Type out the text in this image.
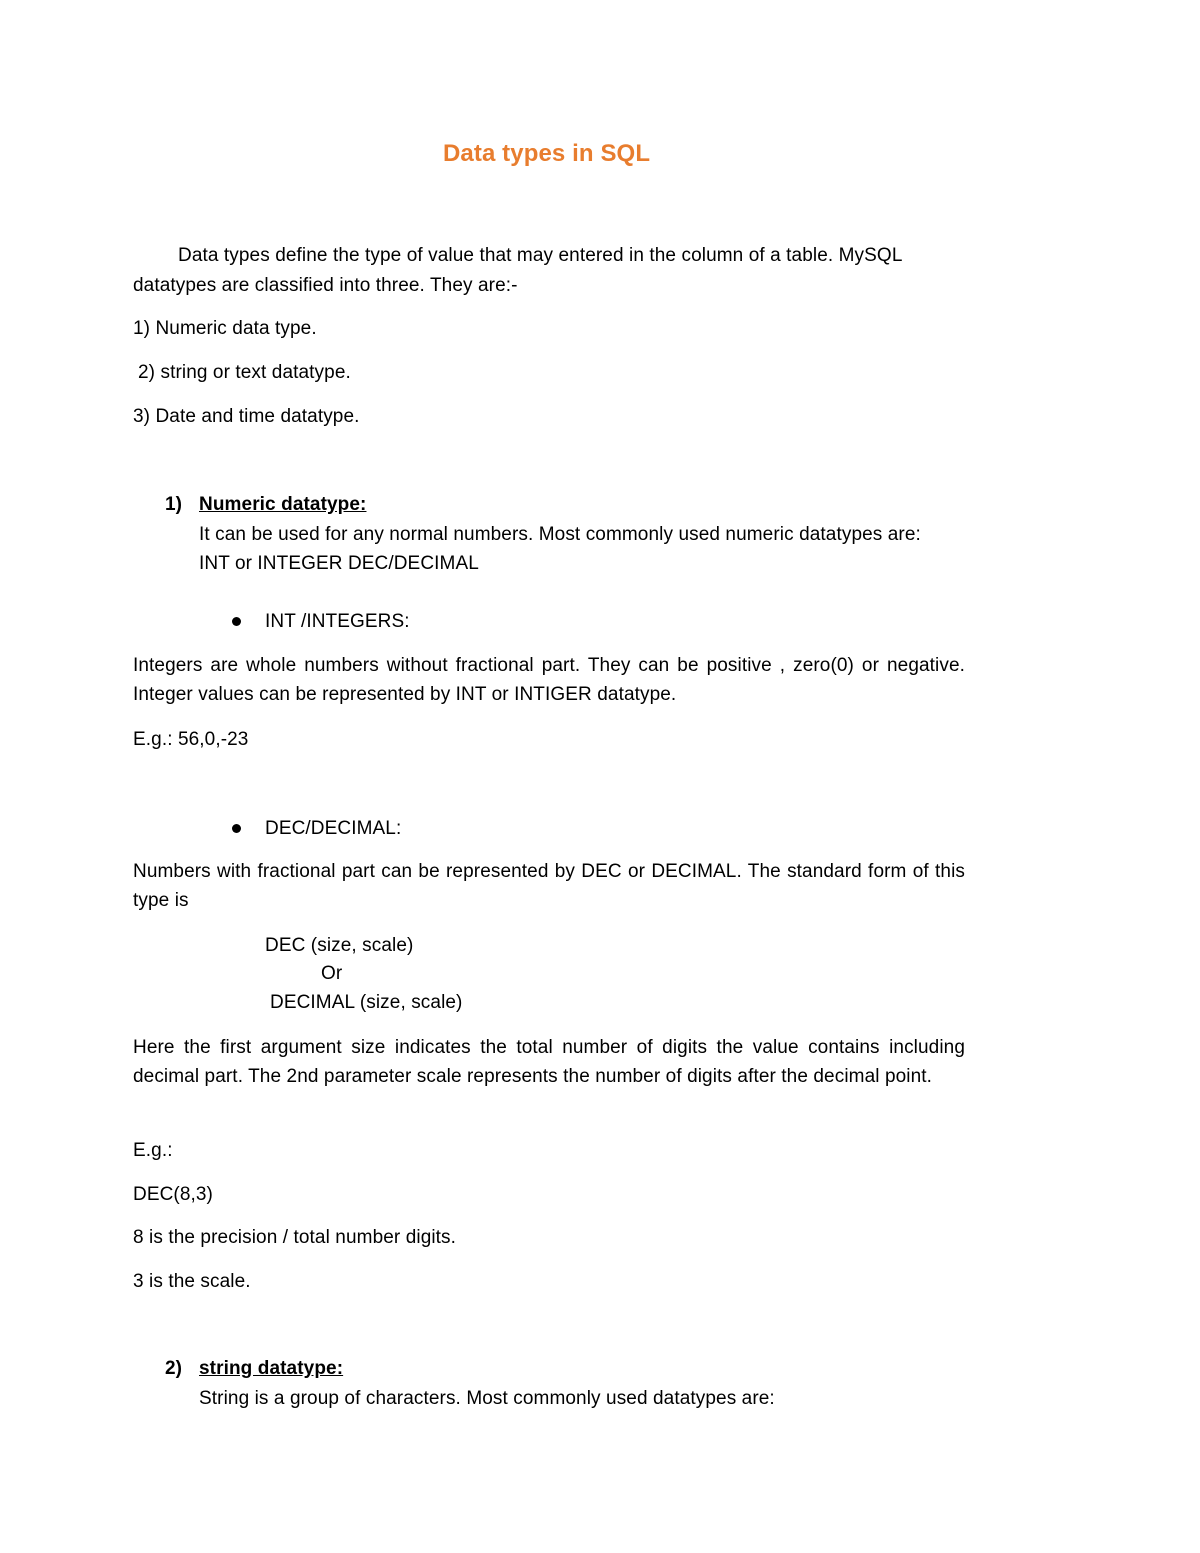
Data types in SQL

Data types define the type of value that may entered in the column of a table. MySQL

datatypes are classified into three. They are:-

1) Numeric data type.

2) string or text datatype.

3) Date and time datatype.

1) Numeric datatype:

It can be used for any normal numbers. Most commonly used numeric datatypes are:

INT or INTEGER DEC/DECIMAL

INT /INTEGERS:

Integers are whole numbers without fractional part. They can be positive , zero(0) or negative. Integer values can be represented by INT or INTIGER datatype.

E.g.: 56,0,-23

DEC/DECIMAL:

Numbers with fractional part can be represented by DEC or DECIMAL. The standard form of this type is

DEC (size, scale)

Or

DECIMAL (size, scale)

Here the first argument size indicates the total number of digits the value contains including decimal part. The 2nd parameter scale represents the number of digits after the decimal point.

E.g.:

DEC(8,3)

8 is the precision / total number digits.

3 is the scale.

2) string datatype:

String is a group of characters. Most commonly used datatypes are:
